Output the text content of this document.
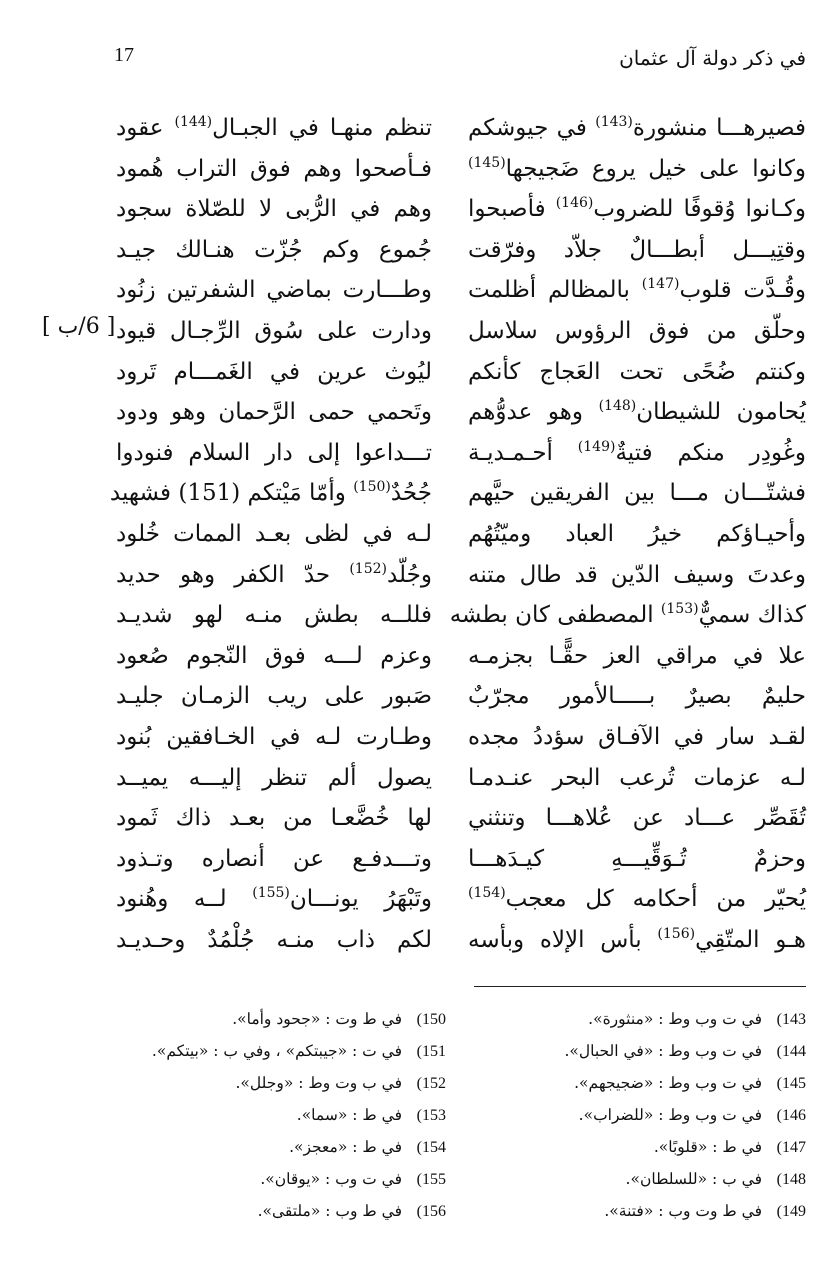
في ذكر دولة آل عثمان
17
[ 6/ب ]
فصيرهـــا منشورة$^{(143)}$ في جيوشكم
وكانوا على خيل يروع ضَجيجها$^{(145)}$
وكـانوا وُقوفًا للضروب$^{(146)}$ فأصبحوا
وقتِيـــل أبطـــالٌ جلاّد وفرّقت
وقُـدَّت قلوب$^{(147)}$ بالمظالم أظلمت
وحلّق من فوق الرؤوس سلاسل
وكنتم ضُحًى تحت العَجاج كأنكم
يُحامون للشيطان$^{(148)}$ وهو عدوُّهم
وغُودِر منكم فتيةٌ$^{(149)}$ أحـمـديـة
فشتّـــان مـــا بين الفريقين حيَّهم
وأحيـاؤكم خيرُ العباد وميّتُهُم
وعدتَ وسيف الدّين قد طال متنه
كذاك سميٌّ$^{(153)}$ المصطفى كان بطشه
علا في مراقي العز حقًّـا بجزمـه
حليمٌ بصيرٌ بـــــالأمور مجرّبٌ
لقـد سار في الآفـاق سؤددُ مجده
لـه عزمات تُرعب البحر عنـدمـا
تُقَصِّر عـــاد عن عُلاهـــا وتنثني
وحزمٌ تُـوَقِّيـــهِ كيـدَهـــا
يُحيّر من أحكامه كل معجب$^{(154)}$
هـو المتّقِي$^{(156)}$ بأس الإلاه وبأسه
تنظم منهـا في الجبـال$^{(144)}$ عقود
فـأصحوا وهم فوق التراب هُمود
وهم في الرُّبى لا للصّلاة سجود
جُموع وكم جُزّت هنـالك جيـد
وطـــارت بماضي الشفرتين زنُود
ودارت على سُوق الرِّجـال قيود
ليُوث عرين في الغَمـــام تَرود
وتَحمي حمى الرَّحمان وهو ودود
تـــداعوا إلى دار السلام فنودوا
جُحُدٌ$^{(150)}$ وأمّا مَيْتكم (151) فشهيد
لـه في لظى بعـد الممات خُلود
وجُلّد$^{(152)}$ حدّ الكفر وهو حديد
فللــه بطش منـه لهو شديـد
وعزم لـــه فوق النّجوم صُعود
صَبور على ريب الزمـان جليـد
وطـارت لـه في الخـافقين بُنود
يصول ألم تنظر إليـــه يميــد
لها خُضَّعـا من بعـد ذاك ثَمود
وتـــدفـع عن أنصاره وتـذود
وتَبْهَرُ يونـــان$^{(155)}$ لــه وهُنود
لكم ذاب منـه جُلْمُدٌ وحـديـد
143)في ت وب وط : «منثورة».
144)في ت وب وط : «في الحبال».
145)في ت وب وط : «ضجيجهم».
146)في ت وب وط : «للضراب».
147)في ط : «قلوبًا».
148)في ب : «للسلطان».
149)في ط وت وب : «فتنة».
150)في ط وت : «جحود وأما».
151)في ت : «جيبتكم» ، وفي ب : «بيتكم».
152)في ب وت وط : «وجلل».
153)في ط : «سما».
154)في ط : «معجز».
155)في ت وب : «يوقان».
156)في ط وب : «ملتقى».
